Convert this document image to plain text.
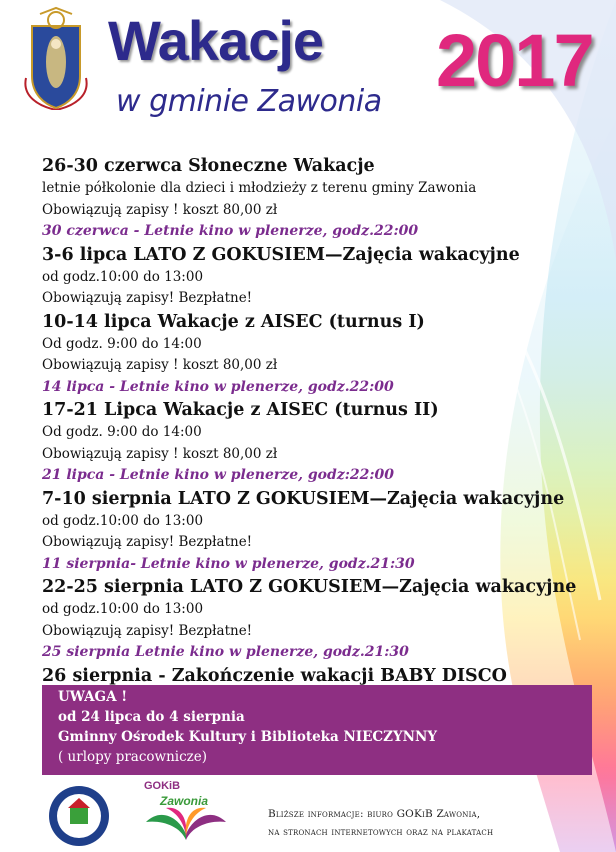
Wakacje 2017
w gminie Zawonia
26-30 czerwca Słoneczne Wakacje
letnie półkolonie dla dzieci i młodzieży z terenu gminy Zawonia
Obowiązują zapisy ! koszt 80,00 zł
30 czerwca - Letnie kino w plenerze, godz.22:00
3-6 lipca LATO Z GOKUSIEM—Zajęcia wakacyjne
od godz.10:00 do 13:00
Obowiązują zapisy! Bezpłatne!
10-14 lipca Wakacje z AISEC (turnus I)
Od godz. 9:00 do 14:00
Obowiązują zapisy ! koszt 80,00 zł
14 lipca - Letnie kino w plenerze, godz.22:00
17-21 Lipca Wakacje z AISEC (turnus II)
Od godz. 9:00 do 14:00
Obowiązują zapisy ! koszt 80,00 zł
21 lipca - Letnie kino w plenerze, godz:22:00
7-10 sierpnia LATO Z GOKUSIEM—Zajęcia wakacyjne
od godz.10:00 do 13:00
Obowiązują zapisy! Bezpłatne!
11 sierpnia- Letnie kino w plenerze, godz.21:30
22-25 sierpnia LATO Z GOKUSIEM—Zajęcia wakacyjne
od godz.10:00 do 13:00
Obowiązują zapisy! Bezpłatne!
25 sierpnia Letnie kino w plenerze, godz.21:30
26 sierpnia - Zakończenie wakacji BABY DISCO
UWAGA !
od 24 lipca do 4 sierpnia
Gminny Ośrodek Kultury i Biblioteka NIECZYNNY
( urlopy pracownicze)
GOKiB
Zawonia
Bliższe informacje: biuro GOKiB Zawonia,
na stronach internetowych oraz na plakatach
